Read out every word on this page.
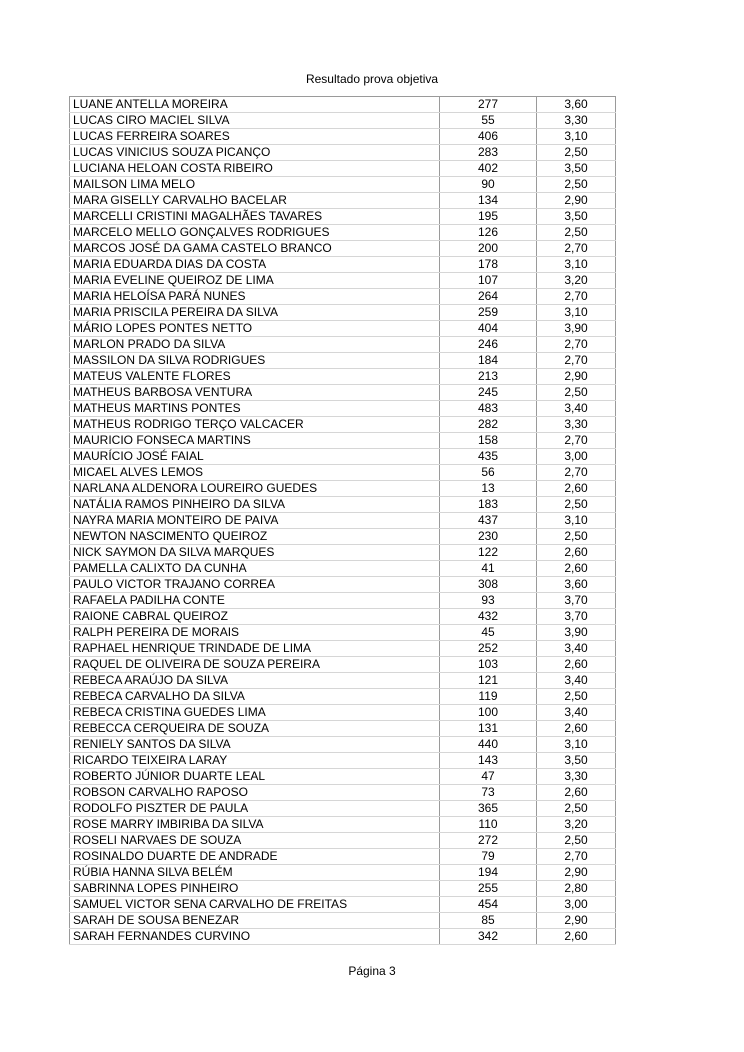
Resultado prova objetiva
LUANE ANTELLA MOREIRA	277	3,60
LUCAS CIRO MACIEL SILVA	55	3,30
LUCAS FERREIRA SOARES	406	3,10
LUCAS VINICIUS SOUZA PICANÇO	283	2,50
LUCIANA HELOAN COSTA RIBEIRO	402	3,50
MAILSON LIMA MELO	90	2,50
MARA GISELLY CARVALHO BACELAR	134	2,90
MARCELLI CRISTINI MAGALHÃES TAVARES	195	3,50
MARCELO MELLO GONÇALVES RODRIGUES	126	2,50
MARCOS JOSÉ DA GAMA CASTELO BRANCO	200	2,70
MARIA EDUARDA DIAS DA COSTA	178	3,10
MARIA EVELINE QUEIROZ DE LIMA	107	3,20
MARIA HELOÍSA PARÁ NUNES	264	2,70
MARIA PRISCILA PEREIRA DA SILVA	259	3,10
MÁRIO LOPES PONTES NETTO	404	3,90
MARLON PRADO DA SILVA	246	2,70
MASSILON DA SILVA RODRIGUES	184	2,70
MATEUS VALENTE FLORES	213	2,90
MATHEUS BARBOSA VENTURA	245	2,50
MATHEUS MARTINS PONTES	483	3,40
MATHEUS RODRIGO TERÇO VALCACER	282	3,30
MAURICIO FONSECA MARTINS	158	2,70
MAURÍCIO JOSÉ FAIAL	435	3,00
MICAEL ALVES LEMOS	56	2,70
NARLANA ALDENORA LOUREIRO GUEDES	13	2,60
NATÁLIA RAMOS PINHEIRO DA SILVA	183	2,50
NAYRA MARIA MONTEIRO DE PAIVA	437	3,10
NEWTON NASCIMENTO QUEIROZ	230	2,50
NICK SAYMON DA SILVA MARQUES	122	2,60
PAMELLA CALIXTO DA CUNHA	41	2,60
PAULO VICTOR TRAJANO CORREA	308	3,60
RAFAELA PADILHA CONTE	93	3,70
RAIONE CABRAL QUEIROZ	432	3,70
RALPH PEREIRA DE MORAIS	45	3,90
RAPHAEL HENRIQUE TRINDADE DE LIMA	252	3,40
RAQUEL DE OLIVEIRA DE SOUZA PEREIRA	103	2,60
REBECA ARAÚJO DA SILVA	121	3,40
REBECA CARVALHO DA SILVA	119	2,50
REBECA CRISTINA GUEDES LIMA	100	3,40
REBECCA CERQUEIRA DE SOUZA	131	2,60
RENIELY SANTOS DA SILVA	440	3,10
RICARDO TEIXEIRA LARAY	143	3,50
ROBERTO JÚNIOR DUARTE LEAL	47	3,30
ROBSON CARVALHO RAPOSO	73	2,60
RODOLFO PISZTER DE PAULA	365	2,50
ROSE MARRY IMBIRIBA DA SILVA	110	3,20
ROSELI NARVAES DE SOUZA	272	2,50
ROSINALDO DUARTE DE ANDRADE	79	2,70
RÚBIA HANNA SILVA BELÉM	194	2,90
SABRINNA LOPES PINHEIRO	255	2,80
SAMUEL VICTOR SENA CARVALHO DE FREITAS	454	3,00
SARAH DE SOUSA BENEZAR	85	2,90
SARAH FERNANDES CURVINO	342	2,60
Página 3
